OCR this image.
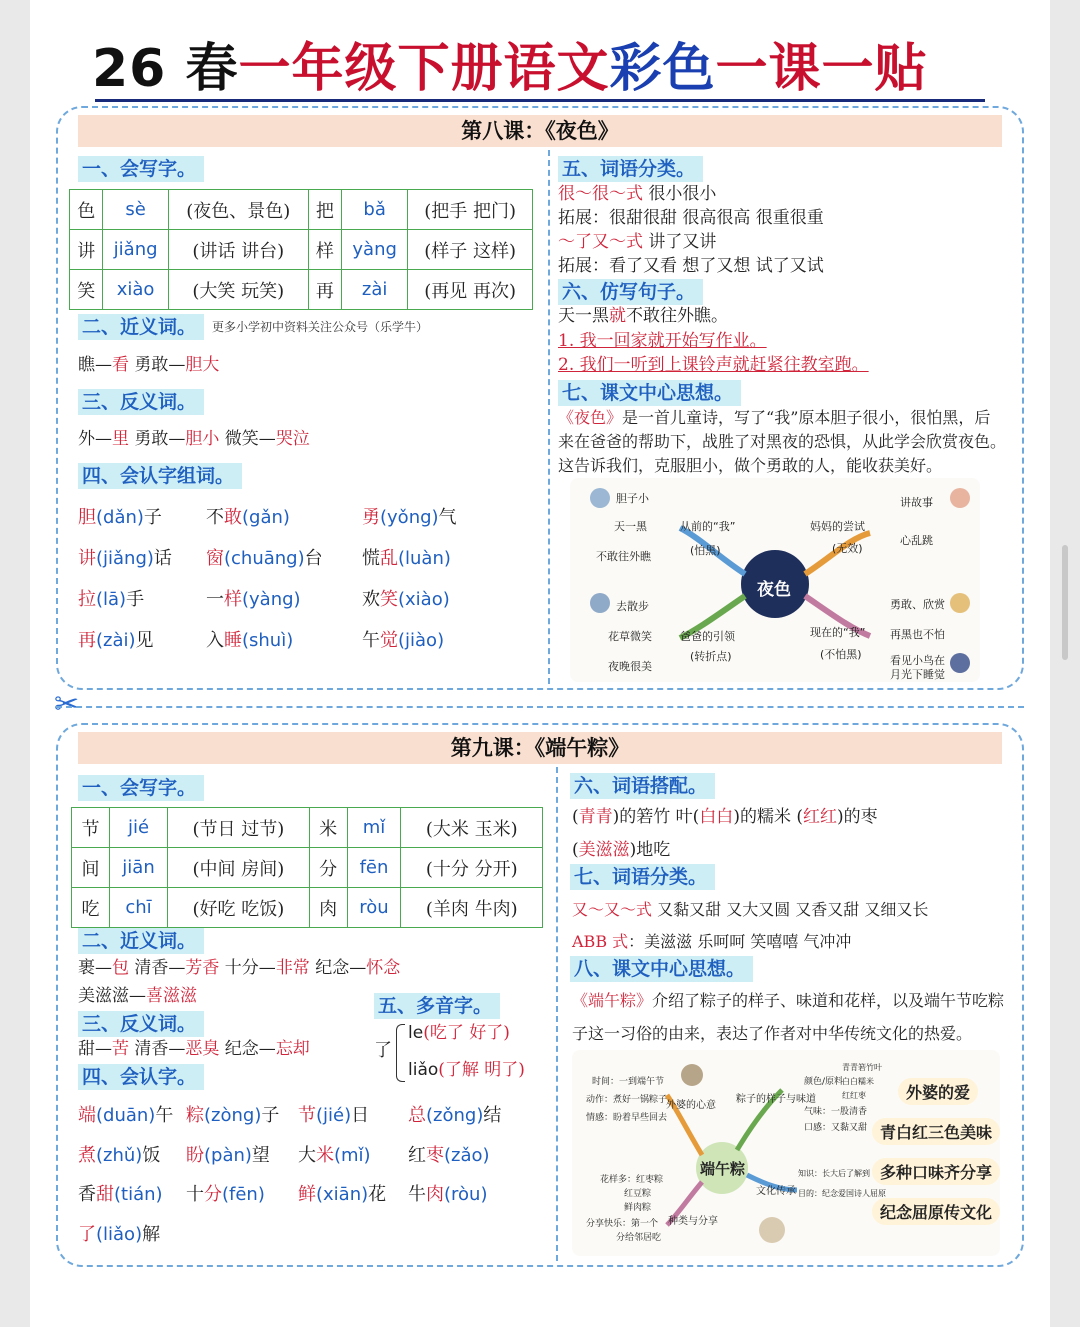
26 春一年级下册语文彩色一课一贴
第八课：《夜色》
一、会写字。
色	sè	(夜色、景色)	把	bǎ	(把手 把门)
讲	jiǎng	(讲话 讲台)	样	yàng	(样子 这样)
笑	xiào	(大笑 玩笑)	再	zài	(再见 再次)
二、近义词。	更多小学初中资料关注公众号（乐学牛）
瞧—看 勇敢—胆大
三、反义词。
外—里 勇敢—胆小 微笑—哭泣
四、会认字组词。
胆(dǎn)子 不敢(gǎn)	勇(yǒng)气
讲(jiǎng)话 窗(chuāng)台 慌乱(luàn)
拉(lā)手	一样(yàng)	欢笑(xiào)
再(zài)见	入睡(shuì)	午觉(jiào)
五、词语分类。
很～很～式 很小很小
拓展：很甜很甜 很高很高 很重很重
～了又～式 讲了又讲
拓展：看了又看 想了又想 试了又试
六、仿写句子。
天一黑就不敢往外瞧。
1. 我一回家就开始写作业。
2. 我们一听到上课铃声就赶紧往教室跑。
七、课文中心思想。
《夜色》是一首儿童诗，写了“我”原本胆子很小，很怕黑，后
来在爸爸的帮助下，战胜了对黑夜的恐惧，从此学会欣赏夜色。
这告诉我们，克服胆小，做个勇敢的人，能收获美好。
夜色
胆子小
天一黑
不敢往外瞧
从前的“我”
(怕黑)
妈妈的尝试
(无效)
讲故事
心乱跳
去散步
花草微笑
夜晚很美
爸爸的引领
(转折点)
现在的“我”
(不怕黑)
勇敢、欣赏
再黑也不怕
看见小鸟在
月光下睡觉
✂
第九课：《端午粽》
一、会写字。
节	jié	(节日 过节)	米	mǐ	(大米 玉米)
间	jiān	(中间 房间)	分	fēn	(十分 分开)
吃	chī	(好吃 吃饭)	肉	ròu	(羊肉 牛肉)
二、近义词。
裹—包 清香—芳香 十分—非常 纪念—怀念
美滋滋—喜滋滋
三、反义词。
甜—苦 清香—恶臭 纪念—忘却
五、多音字。
了
le(吃了 好了)
liǎo(了解 明了)
四、会认字。
端(duān)午 粽(zòng)子 节(jié)日 总(zǒng)结
煮(zhǔ)饭 盼(pàn)望 大米(mǐ) 红枣(zǎo)
香甜(tián) 十分(fēn) 鲜(xiān)花 牛肉(ròu)
了(liǎo)解
六、词语搭配。
(青青)的箬竹 叶(白白)的糯米 (红红)的枣
(美滋滋)地吃
七、词语分类。
又～又～式 又黏又甜 又大又圆 又香又甜 又细又长
ABB 式：美滋滋 乐呵呵 笑嘻嘻 气冲冲
八、课文中心思想。
《端午粽》介绍了粽子的样子、味道和花样，以及端午节吃粽
子这一习俗的由来，表达了作者对中华传统文化的热爱。
端午粽
时间：一到端午节
动作：煮好一锅粽子
情感：盼着早些回去
外婆的心意
粽子的样子与味道
颜色/原料
青青箬竹叶
白白糯米
红红枣
气味：一股清香
口感：又黏又甜
花样多：红枣粽
红豆粽
鲜肉粽
分享快乐：第一个
分给邻居吃
种类与分享
知识：长大后了解到
目的：纪念爱国诗人屈原
文化传承
外婆的爱
青白红三色美味
多种口味齐分享
纪念屈原传文化
